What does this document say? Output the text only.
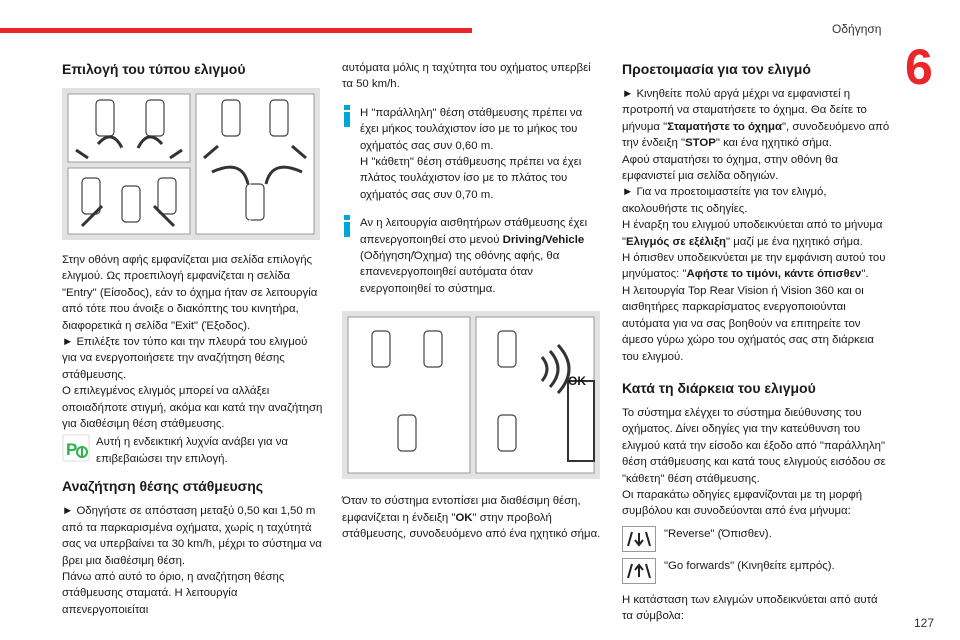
Οδήγηση
6
Επιλογή του τύπου ελιγμού

Στην οθόνη αφής εμφανίζεται μια σελίδα επιλογής ελιγμού. Ως προεπιλογή εμφανίζεται η σελίδα "Entry" (Είσοδος), εάν το όχημα ήταν σε λειτουργία από τότε που άνοιξε ο διακόπτης του κινητήρα, διαφορετικά η σελίδα "Exit" (Έξοδος).

► Επιλέξτε τον τύπο και την πλευρά του ελιγμού για να ενεργοποιήσετε την αναζήτηση θέσης στάθμευσης.

Ο επιλεγμένος ελιγμός μπορεί να αλλάξει οποιαδήποτε στιγμή, ακόμα και κατά την αναζήτηση για διαθέσιμη θέση στάθμευσης.

P Αυτή η ενδεικτική λυχνία ανάβει για να επιβεβαιώσει την επιλογή.

Αναζήτηση θέσης στάθμευσης

► Οδηγήστε σε απόσταση μεταξύ 0,50 και 1,50 m από τα παρκαρισμένα οχήματα, χωρίς η ταχύτητά σας να υπερβαίνει τα 30 km/h, μέχρι το σύστημα να βρει μια διαθέσιμη θέση.

Πάνω από αυτό το όριο, η αναζήτηση θέσης στάθμευσης σταματά. Η λειτουργία απενεργοποιείται

αυτόματα μόλις η ταχύτητα του οχήματος υπερβεί τα 50 km/h.

Η "παράλληλη" θέση στάθμευσης πρέπει να έχει μήκος τουλάχιστον ίσο με το μήκος του οχήματός σας συν 0,60 m.

Η "κάθετη" θέση στάθμευσης πρέπει να έχει πλάτος τουλάχιστον ίσο με το πλάτος του οχήματός σας συν 0,70 m.

Αν η λειτουργία αισθητήρων στάθμευσης έχει απενεργοποιηθεί στο μενού Driving/Vehicle (Οδήγηση/Όχημα) της οθόνης αφής, θα επανενεργοποιηθεί αυτόματα όταν ενεργοποιηθεί το σύστημα.

OK

Όταν το σύστημα εντοπίσει μια διαθέσιμη θέση, εμφανίζεται η ένδειξη "OK" στην προβολή στάθμευσης, συνοδευόμενο από ένα ηχητικό σήμα.

Προετοιμασία για τον ελιγμό

► Κινηθείτε πολύ αργά μέχρι να εμφανιστεί η προτροπή να σταματήσετε το όχημα. Θα δείτε το μήνυμα "Σταματήστε το όχημα", συνοδευόμενο από την ένδειξη "STOP" και ένα ηχητικό σήμα.

Αφού σταματήσει το όχημα, στην οθόνη θα εμφανιστεί μια σελίδα οδηγιών.

► Για να προετοιμαστείτε για τον ελιγμό, ακολουθήστε τις οδηγίες.

Η έναρξη του ελιγμού υποδεικνύεται από το μήνυμα "Ελιγμός σε εξέλιξη" μαζί με ένα ηχητικό σήμα.

Η όπισθεν υποδεικνύεται με την εμφάνιση αυτού του μηνύματος: "Αφήστε το τιμόνι, κάντε όπισθεν".

Η λειτουργία Top Rear Vision ή Vision 360 και οι αισθητήρες παρκαρίσματος ενεργοποιούνται αυτόματα για να σας βοηθούν να επιτηρείτε τον άμεσο γύρω χώρο του οχήματός σας στη διάρκεια του ελιγμού.

Κατά τη διάρκεια του ελιγμού

Το σύστημα ελέγχει το σύστημα διεύθυνσης του οχήματος. Δίνει οδηγίες για την κατεύθυνση του ελιγμού κατά την είσοδο και έξοδο από "παράλληλη" θέση στάθμευσης και κατά τους ελιγμούς εισόδου σε "κάθετη" θέση στάθμευσης.

Οι παρακάτω οδηγίες εμφανίζονται με τη μορφή συμβόλου και συνοδεύονται από ένα μήνυμα:

"Reverse" (Όπισθεν).

"Go forwards" (Κινηθείτε εμπρός).

Η κατάσταση των ελιγμών υποδεικνύεται από αυτά τα σύμβολα:	127
